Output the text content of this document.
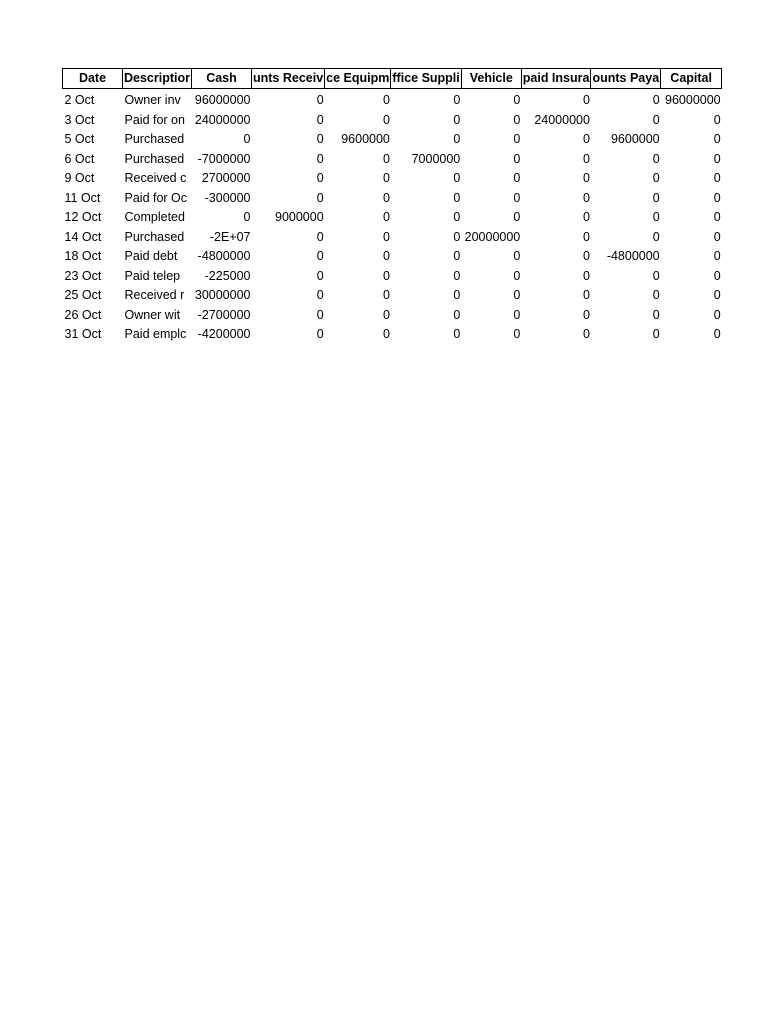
Date	Descriptior	Cash	unts Receiv	ce Equipm	ffice Suppli	Vehicle	paid Insura	ounts Paya	Capital
2 Oct	Owner inv	96000000	0	0	0	0	0	0	96000000
3 Oct	Paid for on	24000000	0	0	0	0	24000000	0	0
5 Oct	Purchased	0	0	9600000	0	0	0	9600000	0
6 Oct	Purchased	-7000000	0	0	7000000	0	0	0	0
9 Oct	Received c	2700000	0	0	0	0	0	0	0
11 Oct	Paid for Oc	-300000	0	0	0	0	0	0	0
12 Oct	Completed	0	9000000	0	0	0	0	0	0
14 Oct	Purchased	-2E+07	0	0	0	20000000	0	0	0
18 Oct	Paid debt	-4800000	0	0	0	0	0	-4800000	0
23 Oct	Paid telep	-225000	0	0	0	0	0	0	0
25 Oct	Received r	30000000	0	0	0	0	0	0	0
26 Oct	Owner wit	-2700000	0	0	0	0	0	0	0
31 Oct	Paid emplc	-4200000	0	0	0	0	0	0	0
